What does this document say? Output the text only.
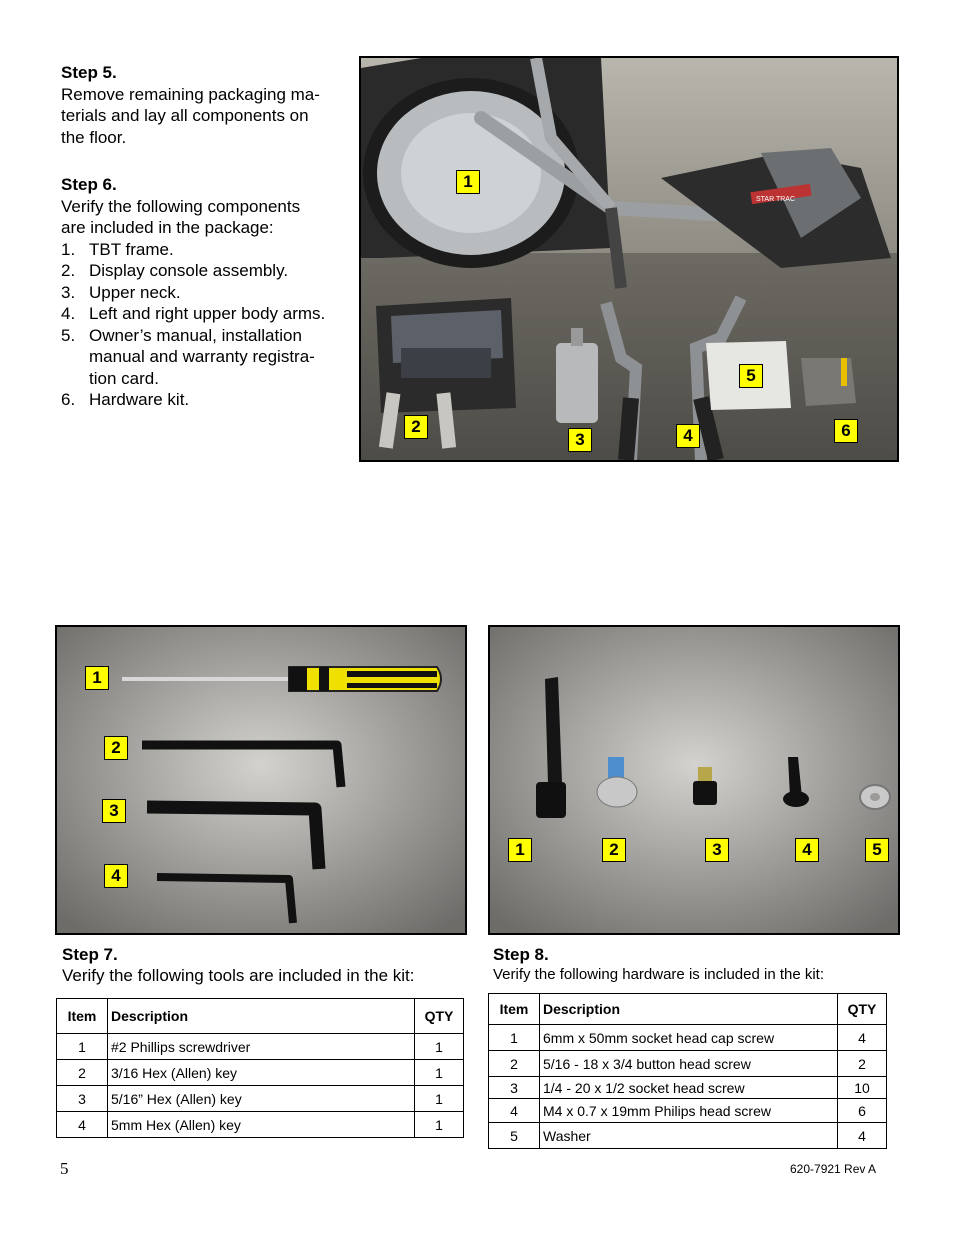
Step 5.
Remove remaining packaging ma-
terials and lay all components on
the floor.
Step 6.
Verify the following components
are included in the package:
1. TBT frame.
2. Display console assembly.
3. Upper neck.
4. Left and right upper body arms.
5. Owner’s manual, installation
manual and warranty registra-
tion card.
6. Hardware kit.
STAR TRAC
1
2
3	4
5
6
1
2
3
4
1	2	3	4	5
Step 7.
Verify the following tools are included in the kit:
Item	Description	QTY
1	#2 Phillips screwdriver	1
2	3/16 Hex (Allen) key	1
3	5/16” Hex (Allen) key	1
4	5mm Hex (Allen) key	1
Step 8.
Verify the following hardware is included in the kit:
Item	Description	QTY
1	6mm x 50mm socket head cap screw	4
2	5/16 - 18 x 3/4 button head screw	2
3	1/4 - 20 x 1/2 socket head screw	10
4	M4 x 0.7 x 19mm Philips head screw	6
5	Washer	4
5	620-7921 Rev A
